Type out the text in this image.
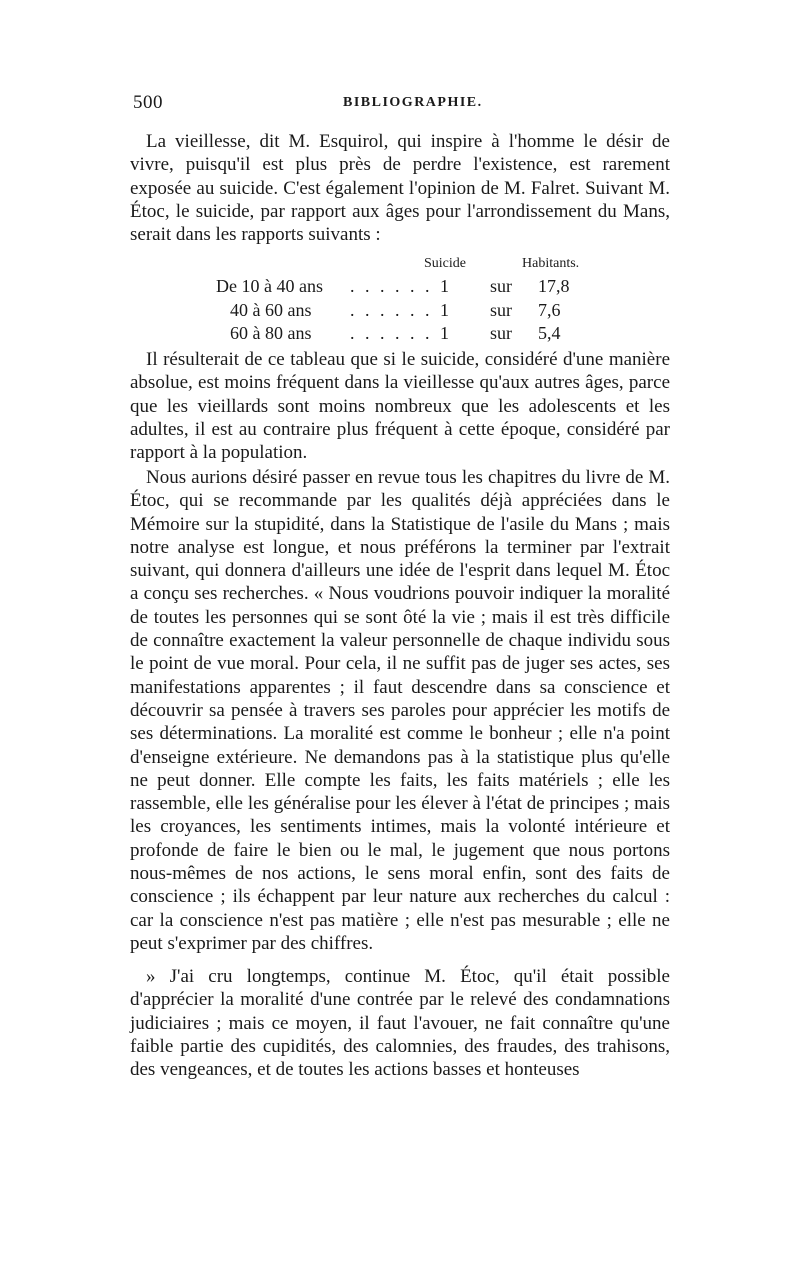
500	BIBLIOGRAPHIE.

La vieillesse, dit M. Esquirol, qui inspire à l'homme le désir de vivre, puisqu'il est plus près de perdre l'existence, est rarement exposée au suicide. C'est également l'opinion de M. Falret. Suivant M. Étoc, le suicide, par rapport aux âges pour l'arrondissement du Mans, serait dans les rapports suivants :

Suicide	Habitants.
De 10 à 40 ans . . . . . . 1 sur 17,8
40 à 60 ans . . . . . . 1 sur 7,6
60 à 80 ans . . . . . . 1 sur 5,4

Il résulterait de ce tableau que si le suicide, considéré d'une manière absolue, est moins fréquent dans la vieillesse qu'aux autres âges, parce que les vieillards sont moins nombreux que les adolescents et les adultes, il est au contraire plus fréquent à cette époque, considéré par rapport à la population.

Nous aurions désiré passer en revue tous les chapitres du livre de M. Étoc, qui se recommande par les qualités déjà appréciées dans le Mémoire sur la stupidité, dans la Statistique de l'asile du Mans ; mais notre analyse est longue, et nous préférons la terminer par l'extrait suivant, qui donnera d'ailleurs une idée de l'esprit dans lequel M. Étoc a conçu ses recherches. « Nous voudrions pouvoir indiquer la moralité de toutes les personnes qui se sont ôté la vie ; mais il est très difficile de connaître exactement la valeur personnelle de chaque individu sous le point de vue moral. Pour cela, il ne suffit pas de juger ses actes, ses manifestations apparentes ; il faut descendre dans sa conscience et découvrir sa pensée à travers ses paroles pour apprécier les motifs de ses déterminations. La moralité est comme le bonheur ; elle n'a point d'enseigne extérieure. Ne demandons pas à la statistique plus qu'elle ne peut donner. Elle compte les faits, les faits matériels ; elle les rassemble, elle les généralise pour les élever à l'état de principes ; mais les croyances, les sentiments intimes, mais la volonté intérieure et profonde de faire le bien ou le mal, le jugement que nous portons nous-mêmes de nos actions, le sens moral enfin, sont des faits de conscience ; ils échappent par leur nature aux recherches du calcul : car la conscience n'est pas matière ; elle n'est pas mesurable ; elle ne peut s'exprimer par des chiffres.

» J'ai cru longtemps, continue M. Étoc, qu'il était possible d'apprécier la moralité d'une contrée par le relevé des condamnations judiciaires ; mais ce moyen, il faut l'avouer, ne fait connaître qu'une faible partie des cupidités, des calomnies, des fraudes, des trahisons, des vengeances, et de toutes les actions basses et honteuses
